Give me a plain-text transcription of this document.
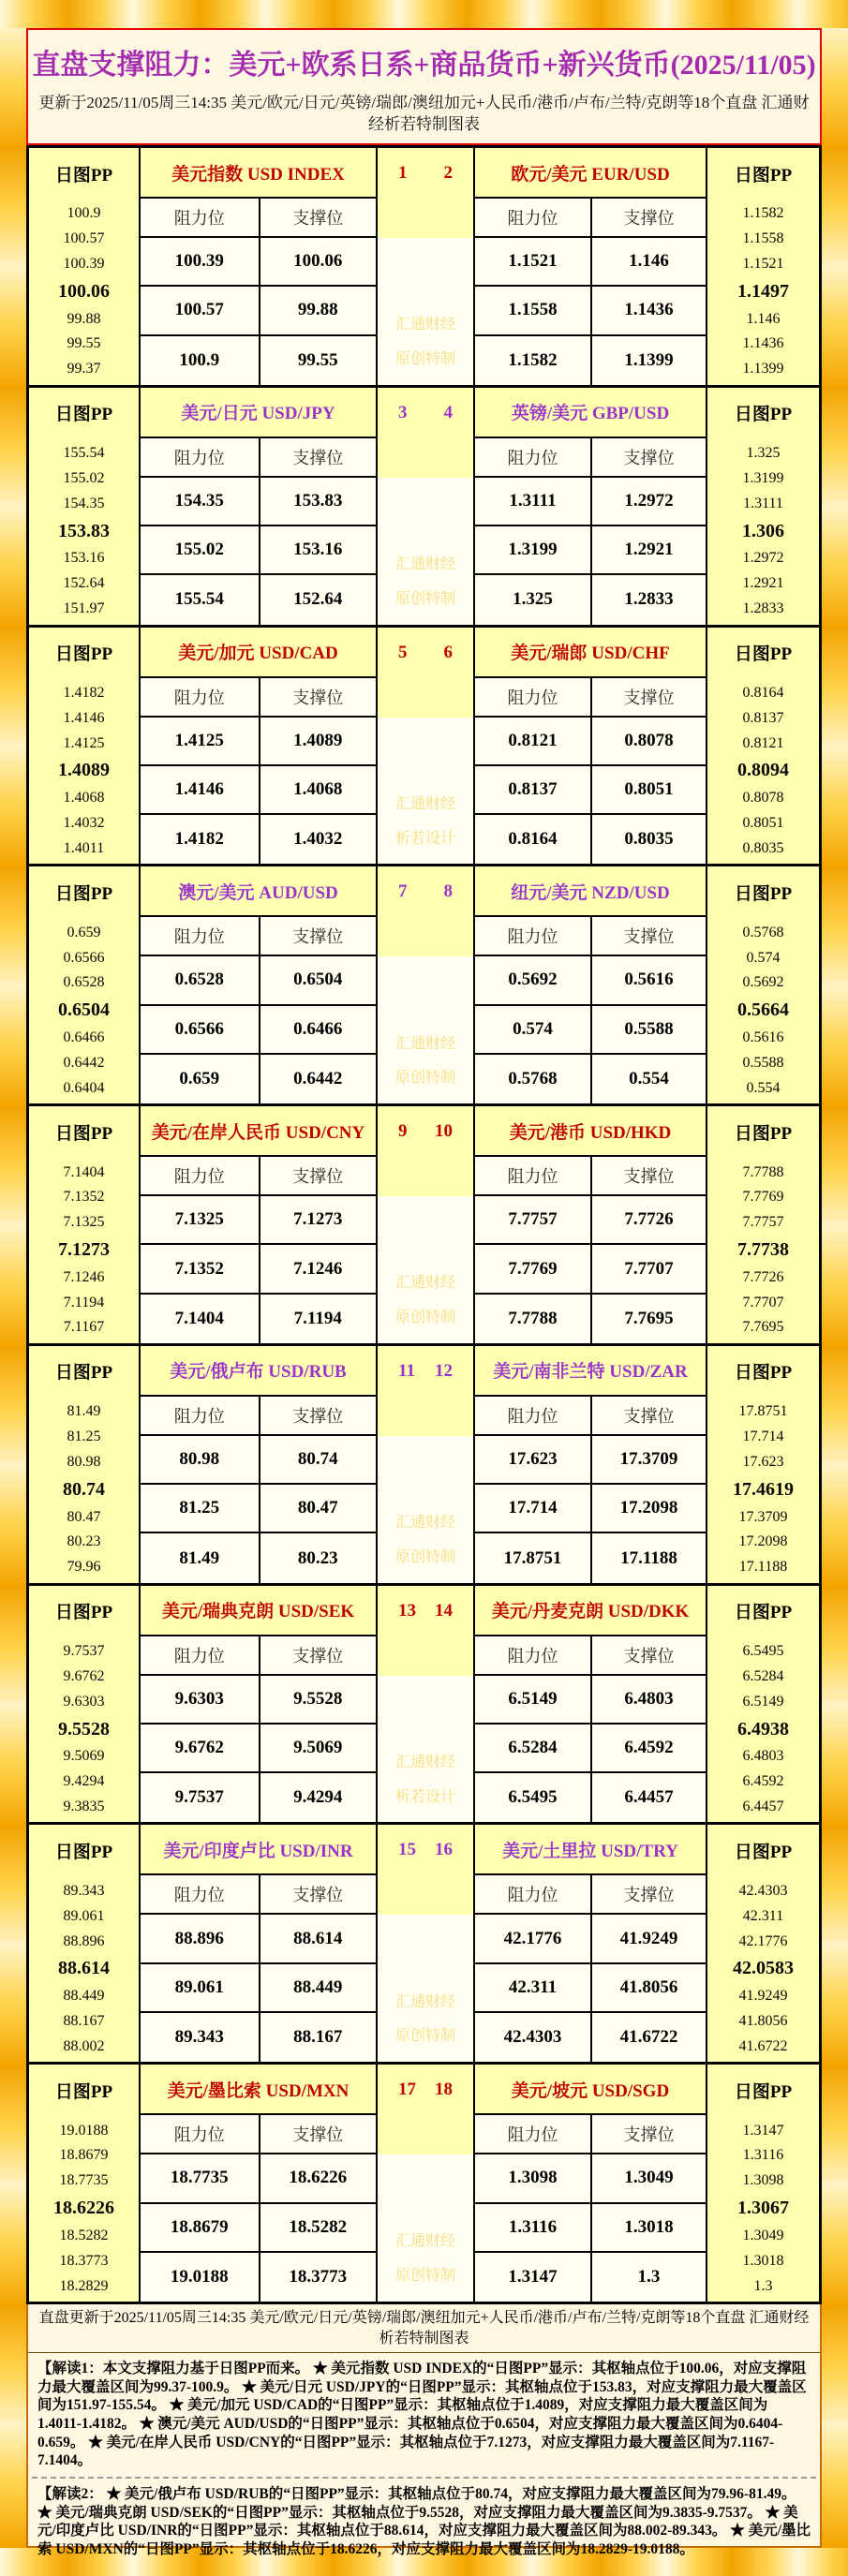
直盘支撑阻力：美元+欧系日系+商品货币+新兴货币(2025/11/05)
更新于2025/11/05周三14:35 美元/欧元/日元/英镑/瑞郎/澳纽加元+人民币/港币/卢布/兰特/克朗等18个直盘 汇通财经析若特制图表
日图PP	美元指数 USD INDEX	1 2	欧元/美元 EUR/USD	日图PP
100.9
100.57
100.39
100.06
99.88
99.55
99.37
阻力位	支撑位
100.39	100.06
100.57	99.88
100.9	99.55
汇通财经
原创特制
阻力位	支撑位
1.1521	1.146
1.1558	1.1436
1.1582	1.1399
1.1582
1.1558
1.1521
1.1497
1.146
1.1436
1.1399
日图PP	美元/日元 USD/JPY	3 4	英镑/美元 GBP/USD	日图PP
155.54
155.02
154.35
153.83
153.16
152.64
151.97
阻力位	支撑位
154.35	153.83
155.02	153.16
155.54	152.64
汇通财经
原创特制
阻力位	支撑位
1.3111	1.2972
1.3199	1.2921
1.325	1.2833
1.325
1.3199
1.3111
1.306
1.2972
1.2921
1.2833
日图PP	美元/加元 USD/CAD	5 6	美元/瑞郎 USD/CHF	日图PP
1.4182
1.4146
1.4125
1.4089
1.4068
1.4032
1.4011
阻力位	支撑位
1.4125	1.4089
1.4146	1.4068
1.4182	1.4032
汇通财经
析若设计
阻力位	支撑位
0.8121	0.8078
0.8137	0.8051
0.8164	0.8035
0.8164
0.8137
0.8121
0.8094
0.8078
0.8051
0.8035
日图PP	澳元/美元 AUD/USD	7 8	纽元/美元 NZD/USD	日图PP
0.659
0.6566
0.6528
0.6504
0.6466
0.6442
0.6404
阻力位	支撑位
0.6528	0.6504
0.6566	0.6466
0.659	0.6442
汇通财经
原创特制
阻力位	支撑位
0.5692	0.5616
0.574	0.5588
0.5768	0.554
0.5768
0.574
0.5692
0.5664
0.5616
0.5588
0.554
日图PP	美元/在岸人民币 USD/CNY	9 10	美元/港币 USD/HKD	日图PP
7.1404
7.1352
7.1325
7.1273
7.1246
7.1194
7.1167
阻力位	支撑位
7.1325	7.1273
7.1352	7.1246
7.1404	7.1194
汇通财经
原创特制
阻力位	支撑位
7.7757	7.7726
7.7769	7.7707
7.7788	7.7695
7.7788
7.7769
7.7757
7.7738
7.7726
7.7707
7.7695
日图PP	美元/俄卢布 USD/RUB	11 12	美元/南非兰特 USD/ZAR	日图PP
81.49
81.25
80.98
80.74
80.47
80.23
79.96
阻力位	支撑位
80.98	80.74
81.25	80.47
81.49	80.23
汇通财经
原创特制
阻力位	支撑位
17.623	17.3709
17.714	17.2098
17.8751	17.1188
17.8751
17.714
17.623
17.4619
17.3709
17.2098
17.1188
日图PP	美元/瑞典克朗 USD/SEK	13 14	美元/丹麦克朗 USD/DKK	日图PP
9.7537
9.6762
9.6303
9.5528
9.5069
9.4294
9.3835
阻力位	支撑位
9.6303	9.5528
9.6762	9.5069
9.7537	9.4294
汇通财经
析若设计
阻力位	支撑位
6.5149	6.4803
6.5284	6.4592
6.5495	6.4457
6.5495
6.5284
6.5149
6.4938
6.4803
6.4592
6.4457
日图PP	美元/印度卢比 USD/INR	15 16	美元/土里拉 USD/TRY	日图PP
89.343
89.061
88.896
88.614
88.449
88.167
88.002
阻力位	支撑位
88.896	88.614
89.061	88.449
89.343	88.167
汇通财经
原创特制
阻力位	支撑位
42.1776	41.9249
42.311	41.8056
42.4303	41.6722
42.4303
42.311
42.1776
42.0583
41.9249
41.8056
41.6722
日图PP	美元/墨比索 USD/MXN	17 18	美元/坡元 USD/SGD	日图PP
19.0188
18.8679
18.7735
18.6226
18.5282
18.3773
18.2829
阻力位	支撑位
18.7735	18.6226
18.8679	18.5282
19.0188	18.3773
汇通财经
原创特制
阻力位	支撑位
1.3098	1.3049
1.3116	1.3018
1.3147	1.3
1.3147
1.3116
1.3098
1.3067
1.3049
1.3018
1.3
直盘更新于2025/11/05周三14:35 美元/欧元/日元/英镑/瑞郎/澳纽加元+人民币/港币/卢布/兰特/克朗等18个直盘 汇通财经析若特制图表
【解读1：本文支撑阻力基于日图PP而来。 ★ 美元指数 USD INDEX的“日图PP”显示：其枢轴点位于100.06，对应支撑阻力最大覆盖区间为99.37-100.9。 ★ 美元/日元 USD/JPY的“日图PP”显示：其枢轴点位于153.83，对应支撑阻力最大覆盖区间为151.97-155.54。 ★ 美元/加元 USD/CAD的“日图PP”显示：其枢轴点位于1.4089，对应支撑阻力最大覆盖区间为1.4011-1.4182。 ★ 澳元/美元 AUD/USD的“日图PP”显示：其枢轴点位于0.6504，对应支撑阻力最大覆盖区间为0.6404-0.659。 ★ 美元/在岸人民币 USD/CNY的“日图PP”显示：其枢轴点位于7.1273，对应支撑阻力最大覆盖区间为7.1167-7.1404。
【解读2： ★ 美元/俄卢布 USD/RUB的“日图PP”显示：其枢轴点位于80.74，对应支撑阻力最大覆盖区间为79.96-81.49。 ★ 美元/瑞典克朗 USD/SEK的“日图PP”显示：其枢轴点位于9.5528，对应支撑阻力最大覆盖区间为9.3835-9.7537。 ★ 美元/印度卢比 USD/INR的“日图PP”显示：其枢轴点位于88.614，对应支撑阻力最大覆盖区间为88.002-89.343。 ★ 美元/墨比索 USD/MXN的“日图PP”显示：其枢轴点位于18.6226，对应支撑阻力最大覆盖区间为18.2829-19.0188。
